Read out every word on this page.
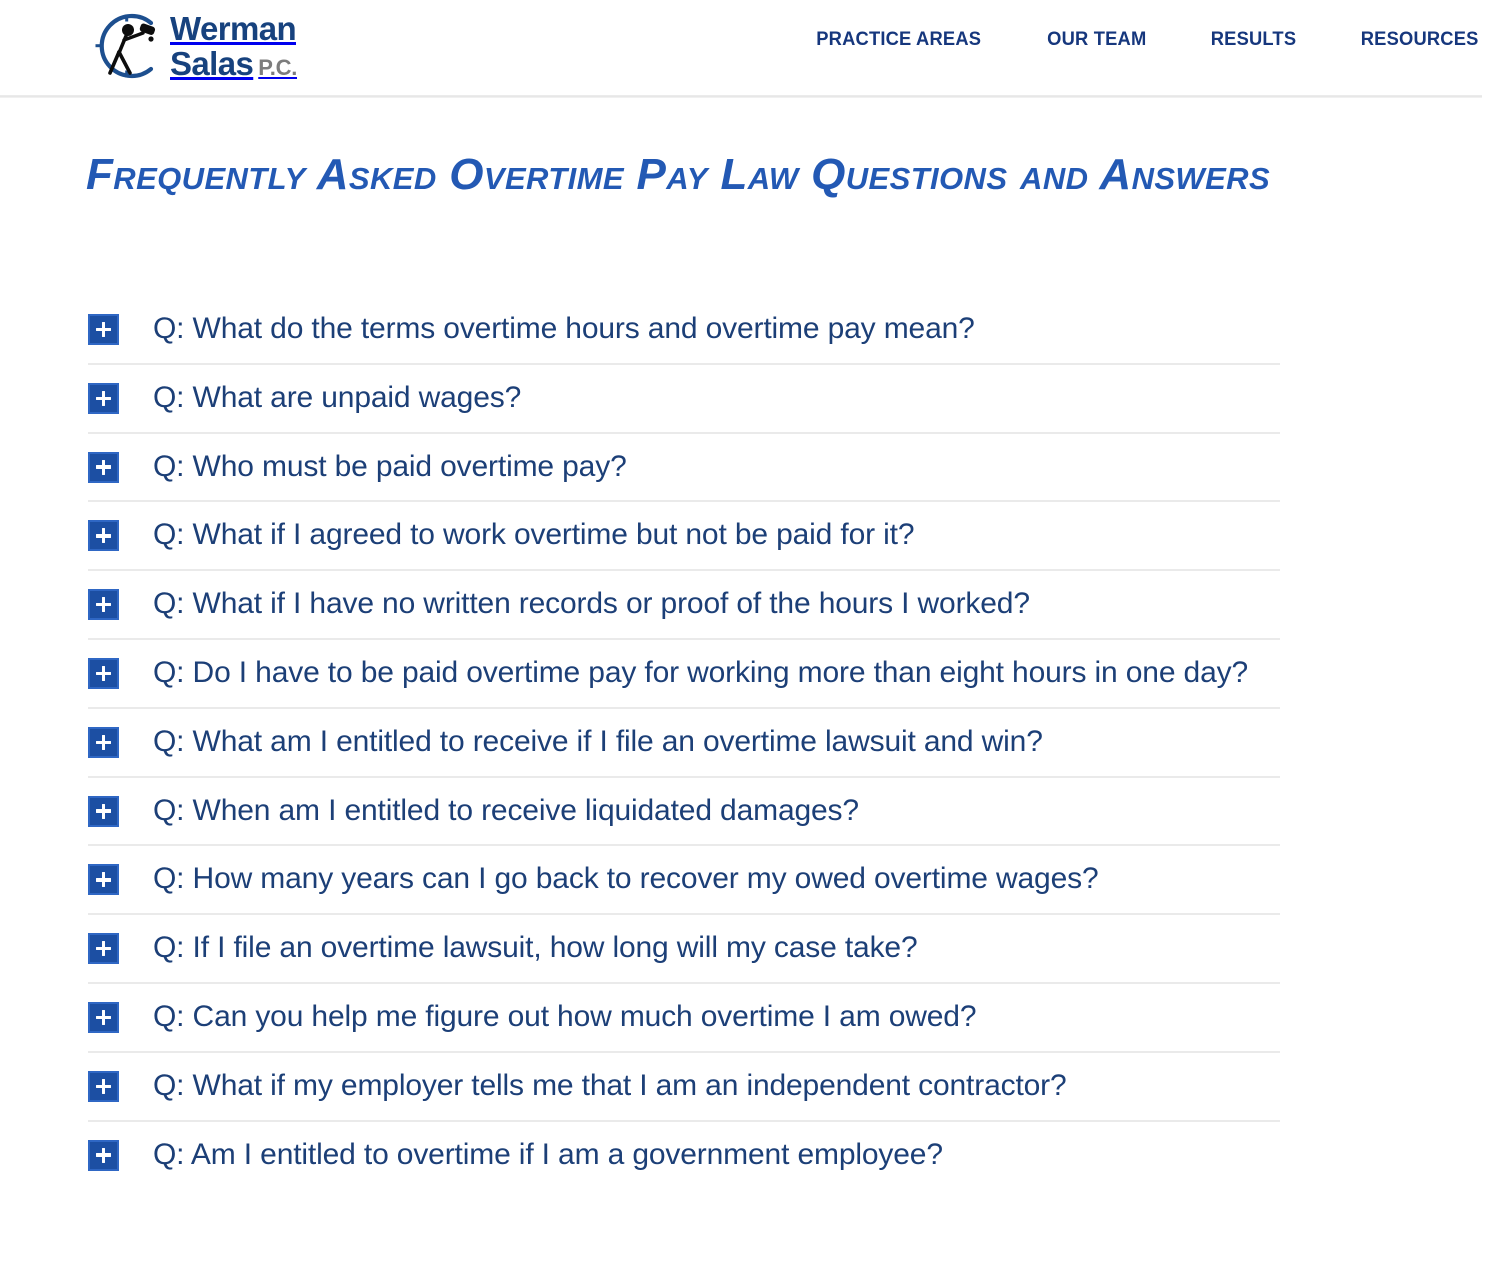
Werman
Salas P.C.
PRACTICE AREAS	OUR TEAM	RESULTS	RESOURCES
Frequently Asked Overtime Pay Law Questions and Answers
Q: What do the terms overtime hours and overtime pay mean?
Q: What are unpaid wages?
Q: Who must be paid overtime pay?
Q: What if I agreed to work overtime but not be paid for it?
Q: What if I have no written records or proof of the hours I worked?
Q: Do I have to be paid overtime pay for working more than eight hours in one day?
Q: What am I entitled to receive if I file an overtime lawsuit and win?
Q: When am I entitled to receive liquidated damages?
Q: How many years can I go back to recover my owed overtime wages?
Q: If I file an overtime lawsuit, how long will my case take?
Q: Can you help me figure out how much overtime I am owed?
Q: What if my employer tells me that I am an independent contractor?
Q: Am I entitled to overtime if I am a government employee?
